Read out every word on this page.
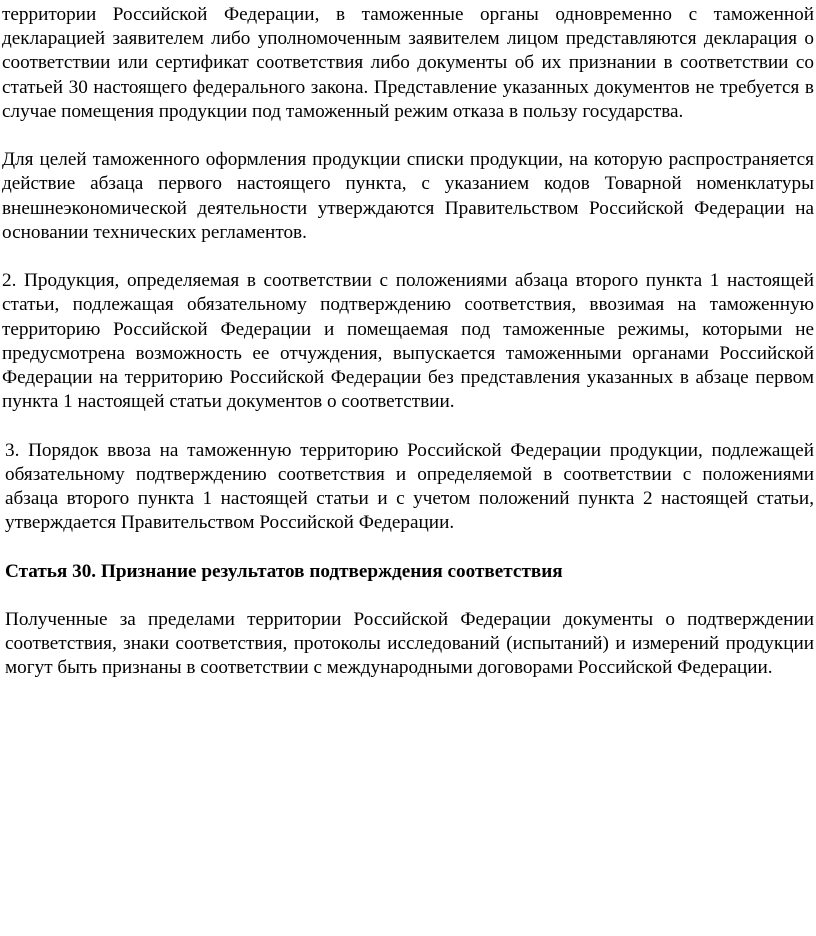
территории Российской Федерации, в таможенные органы одновременно с таможенной декларацией заявителем либо уполномоченным заявителем лицом представляются декларация о соответствии или сертификат соответствия либо документы об их признании в соответствии со статьей 30 настоящего федерального закона. Представление указанных документов не требуется в случае помещения продукции под таможенный режим отказа в пользу государства.

Для целей таможенного оформления продукции списки продукции, на которую распространяется действие абзаца первого настоящего пункта, с указанием кодов Товарной номенклатуры внешнеэкономической деятельности утверждаются Правительством Российской Федерации на основании технических регламентов.

2. Продукция, определяемая в соответствии с положениями абзаца второго пункта 1 настоящей статьи, подлежащая обязательному подтверждению соответствия, ввозимая на таможенную территорию Российской Федерации и помещаемая под таможенные режимы, которыми не предусмотрена возможность ее отчуждения, выпускается таможенными органами Российской Федерации на территорию Российской Федерации без представления указанных в абзаце первом пункта 1 настоящей статьи документов о соответствии.

3. Порядок ввоза на таможенную территорию Российской Федерации продукции, подлежащей обязательному подтверждению соответствия и определяемой в соответствии с положениями абзаца второго пункта 1 настоящей статьи и с учетом положений пункта 2 настоящей статьи, утверждается Правительством Российской Федерации.

Статья 30. Признание результатов подтверждения соответствия

Полученные за пределами территории Российской Федерации документы о подтверждении соответствия, знаки соответствия, протоколы исследований (испытаний) и измерений продукции могут быть признаны в соответствии с международными договорами Российской Федерации.
